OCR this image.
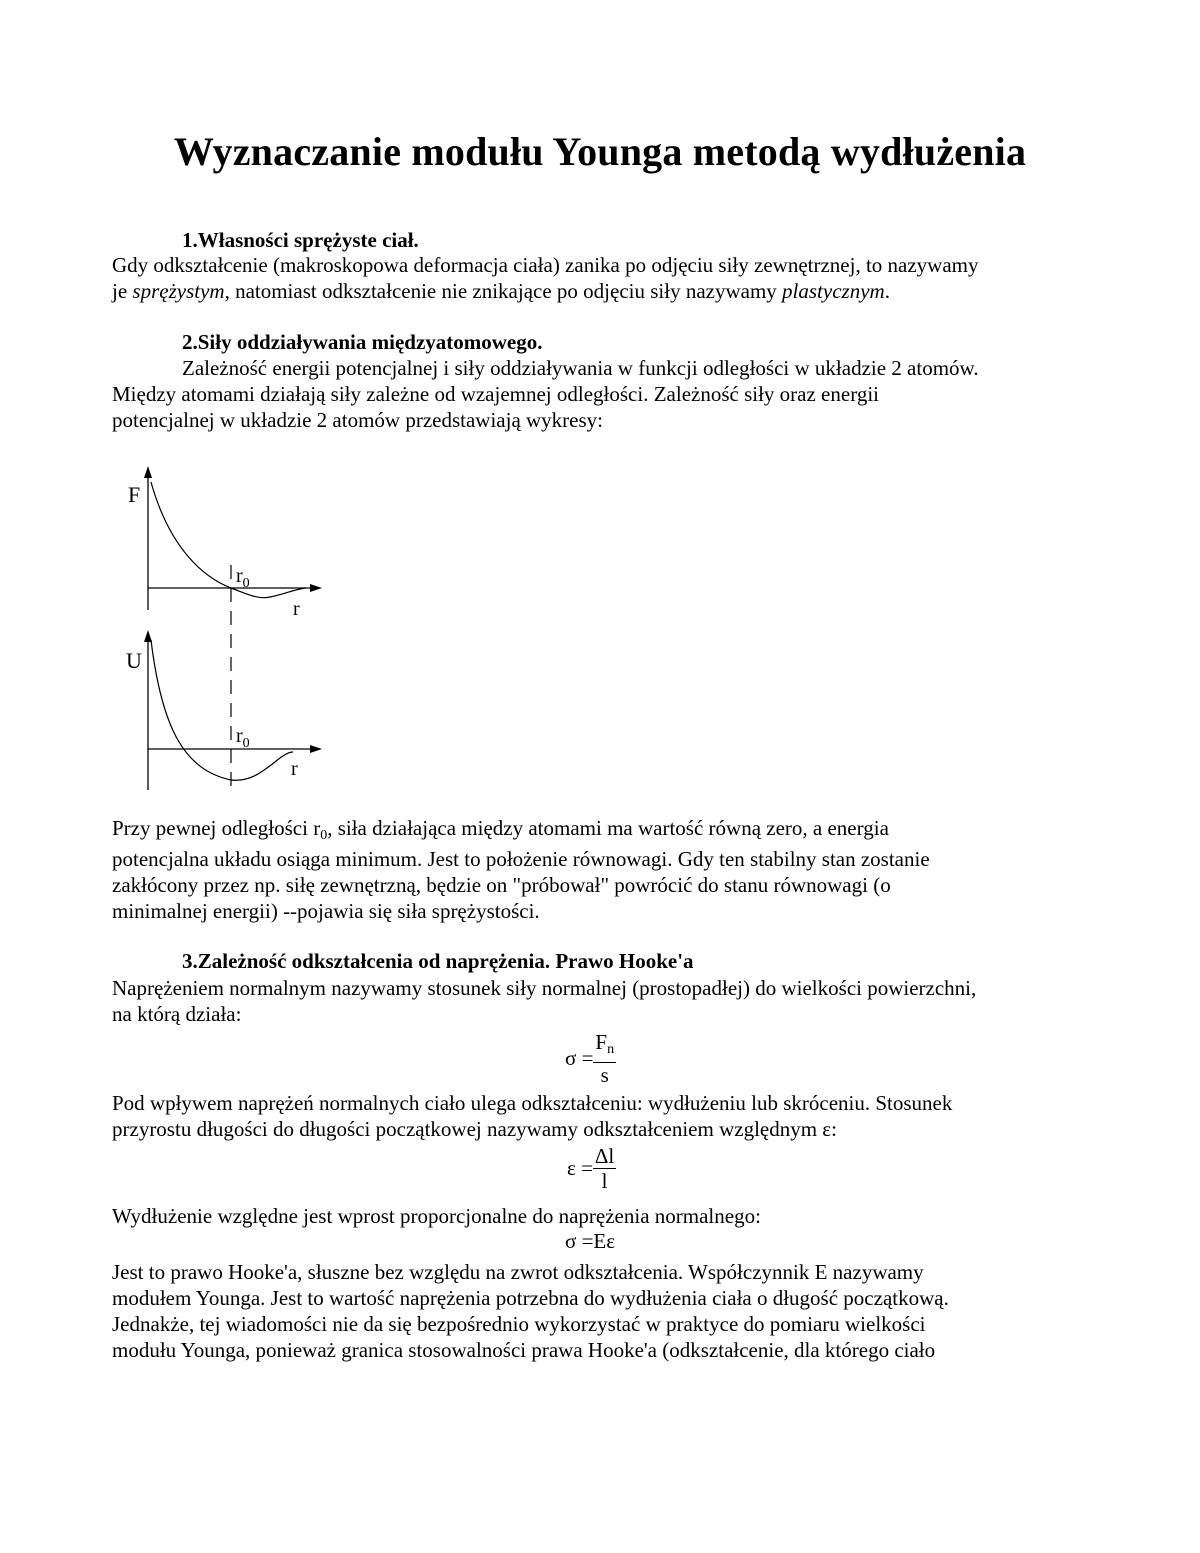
Wyznaczanie modułu Younga metodą wydłużenia
1.Własności sprężyste ciał.
Gdy odkształcenie (makroskopowa deformacja ciała) zanika po odjęciu siły zewnętrznej, to nazywamy
je sprężystym, natomiast odkształcenie nie znikające po odjęciu siły nazywamy plastycznym.
2.Siły oddziaływania międzyatomowego.
Zależność energii potencjalnej i siły oddziaływania w funkcji odległości w układzie 2 atomów.
Między atomami działają siły zależne od wzajemnej odległości. Zależność siły oraz energii
potencjalnej w układzie 2 atomów przedstawiają wykresy:
F
r
$r_0$
U
r
$r_0$
Przy pewnej odległości $r_0$, siła działająca między atomami ma wartość równą zero, a energia
potencjalna układu osiąga minimum. Jest to położenie równowagi. Gdy ten stabilny stan zostanie
zakłócony przez np. siłę zewnętrzną, będzie on "próbował" powrócić do stanu równowagi (o
minimalnej energii) --pojawia się siła sprężystości.
3.Zależność odkształcenia od naprężenia. Prawo Hooke'a
Naprężeniem normalnym nazywamy stosunek siły normalnej (prostopadłej) do wielkości powierzchni,
na którą działa:
$\sigma = \frac{F_n}{s}$
Pod wpływem naprężeń normalnych ciało ulega odkształceniu: wydłużeniu lub skróceniu. Stosunek
przyrostu długości do długości początkowej nazywamy odkształceniem względnym ε:
$\varepsilon = \frac{\Delta l}{l}$
Wydłużenie względne jest wprost proporcjonalne do naprężenia normalnego:
σ =Eε
Jest to prawo Hooke'a, słuszne bez względu na zwrot odkształcenia. Współczynnik E nazywamy
modułem Younga. Jest to wartość naprężenia potrzebna do wydłużenia ciała o długość początkową.
Jednakże, tej wiadomości nie da się bezpośrednio wykorzystać w praktyce do pomiaru wielkości
modułu Younga, ponieważ granica stosowalności prawa Hooke'a (odkształcenie, dla którego ciało
